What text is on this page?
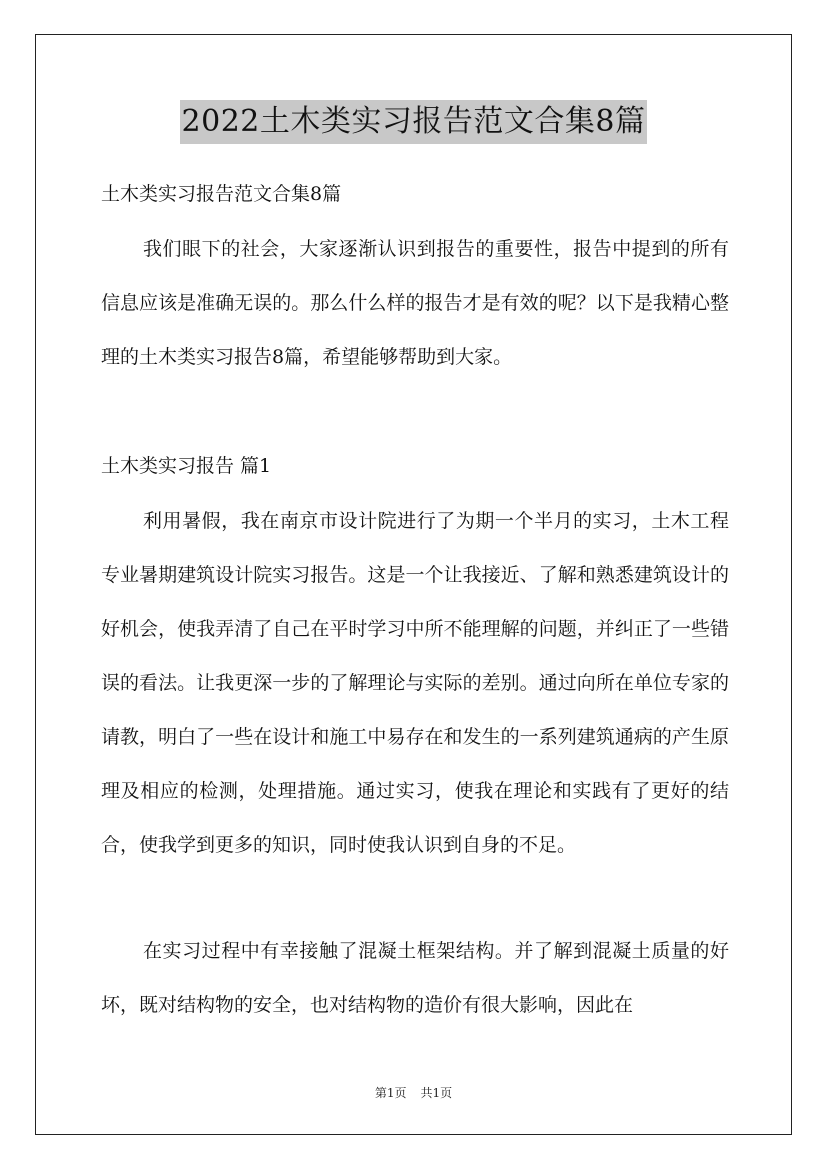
2022土木类实习报告范文合集8篇
土木类实习报告范文合集8篇

我们眼下的社会，大家逐渐认识到报告的重要性，报告中提到的所有信息应该是准确无误的。那么什么样的报告才是有效的呢？以下是我精心整理的土木类实习报告8篇，希望能够帮助到大家。

土木类实习报告 篇1

利用暑假，我在南京市设计院进行了为期一个半月的实习，土木工程专业暑期建筑设计院实习报告。这是一个让我接近、了解和熟悉建筑设计的好机会，使我弄清了自己在平时学习中所不能理解的问题，并纠正了一些错误的看法。让我更深一步的了解理论与实际的差别。通过向所在单位专家的请教，明白了一些在设计和施工中易存在和发生的一系列建筑通病的产生原理及相应的检测，处理措施。通过实习，使我在理论和实践有了更好的结合，使我学到更多的知识，同时使我认识到自身的不足。

在实习过程中有幸接触了混凝土框架结构。并了解到混凝土质量的好坏，既对结构物的安全，也对结构物的造价有很大影响，因此在

第1页 共1页
